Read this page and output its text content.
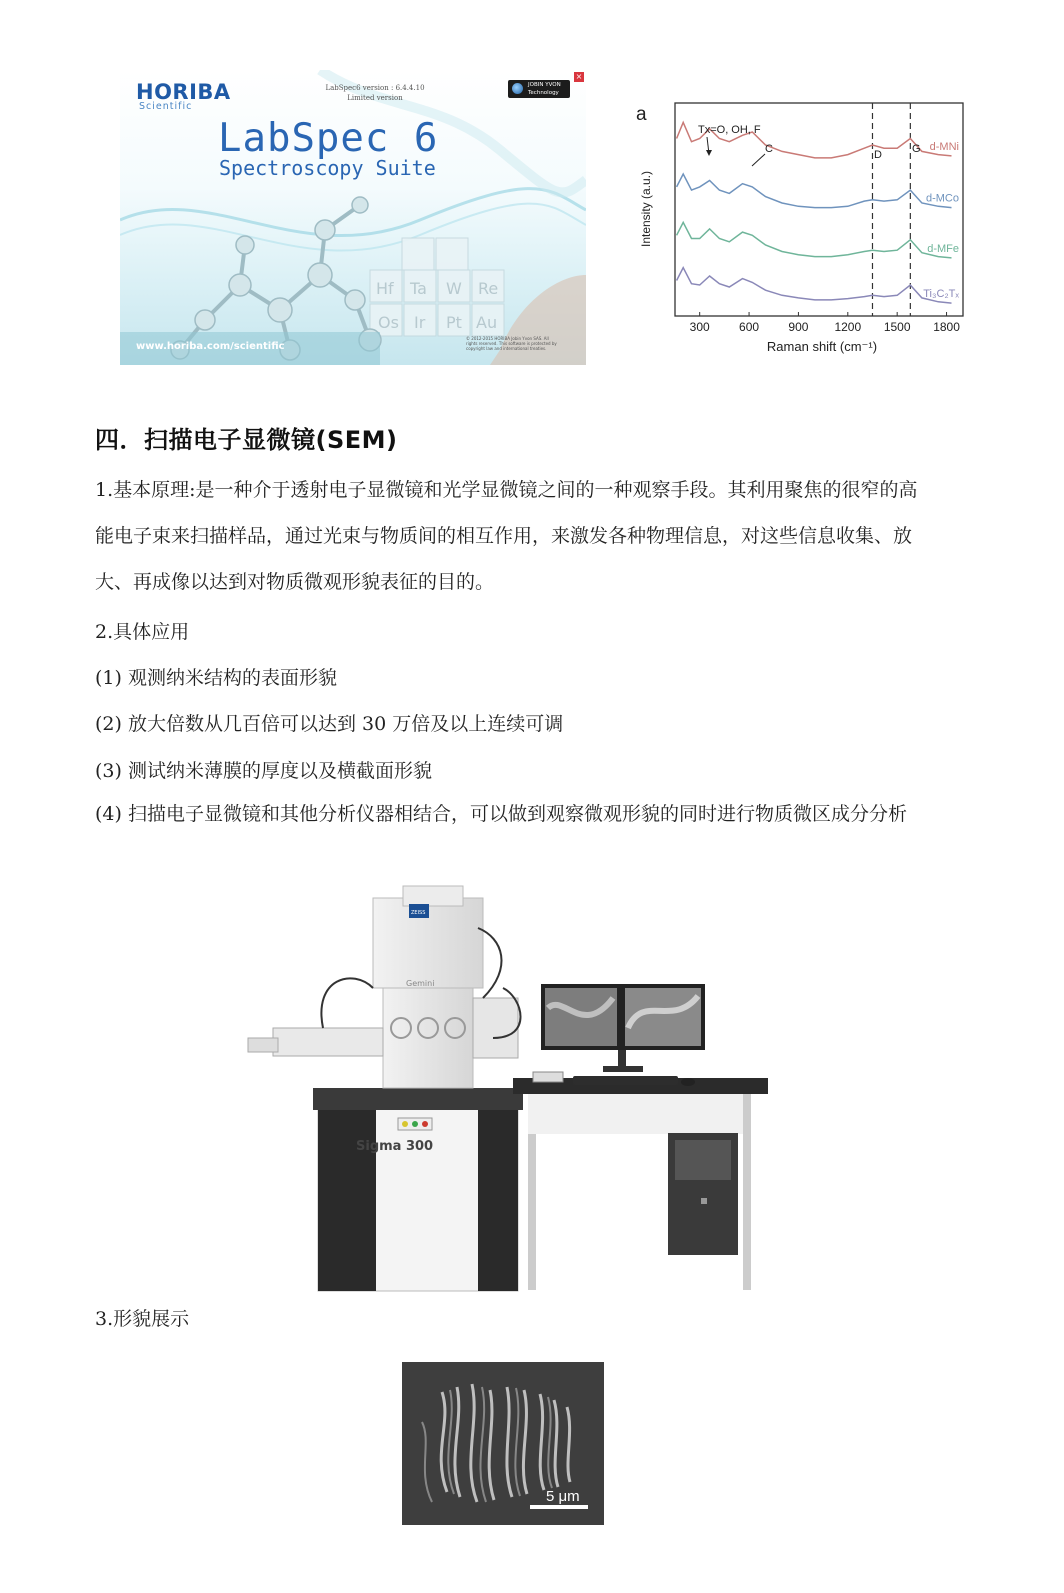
Hf Ta W Re
Os Ir Pt Au
HORIBA
Scientific
LabSpec6 version : 6.4.4.10
Limited version
JOBIN YVON Technology
×
LabSpec 6
Spectroscopy Suite
www.horiba.com/scientific
© 2012-2015 HORIBA Jobin Yvon SAS. All rights reserved. This software is protected by copyright law and international treaties.
a
Intensity (a.u.)
Raman shift (cm⁻¹)
300 600 900 1200 1500 1800
d-MNi
d-MCo
d-MFe
Ti₃C₂Tₓ
Tx=O, OH, F
C	D	G
四．扫描电子显微镜(SEM)

1.基本原理:是一种介于透射电子显微镜和光学显微镜之间的一种观察手段。其利用聚焦的很窄的高能电子束来扫描样品，通过光束与物质间的相互作用，来激发各种物理信息，对这些信息收集、放大、再成像以达到对物质微观形貌表征的目的。

2.具体应用

(1) 观测纳米结构的表面形貌

(2) 放大倍数从几百倍可以达到 30 万倍及以上连续可调

(3) 测试纳米薄膜的厚度以及横截面形貌

(4) 扫描电子显微镜和其他分析仪器相结合，可以做到观察微观形貌的同时进行物质微区成分分析

Sigma 300
ZEISS
Gemini

3.形貌展示

5 μm
